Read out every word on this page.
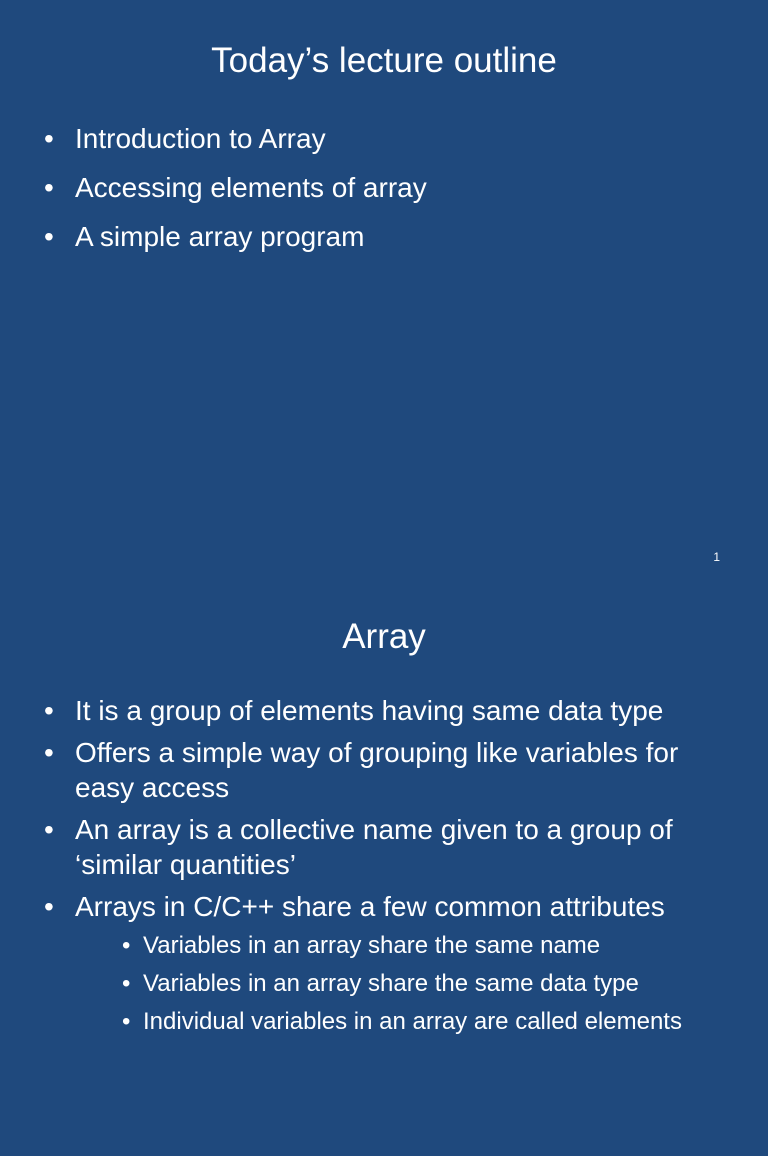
Today’s lecture outline
• Introduction to Array
• Accessing elements of array
• A simple array program
1
Array
• It is a group of elements having same data type
• Offers a simple way of grouping like variables for easy access
• An array is a collective name given to a group of ‘similar quantities’
• Arrays in C/C++ share a few common attributes
• Variables in an array share the same name
• Variables in an array share the same data type
• Individual variables in an array are called elements
